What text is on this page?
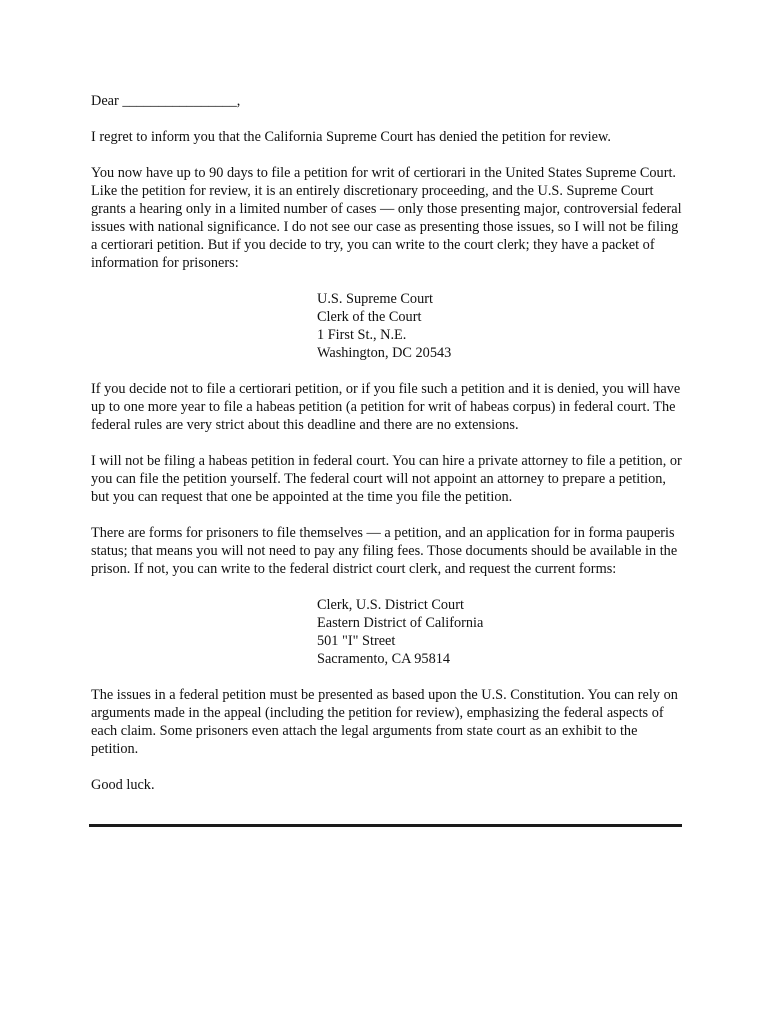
Dear ________________,

I regret to inform you that the California Supreme Court has denied the petition for review.

You now have up to 90 days to file a petition for writ of certiorari in the United States Supreme Court. Like the petition for review, it is an entirely discretionary proceeding, and the U.S. Supreme Court grants a hearing only in a limited number of cases — only those presenting major, controversial federal issues with national significance. I do not see our case as presenting those issues, so I will not be filing a certiorari petition. But if you decide to try, you can write to the court clerk; they have a packet of information for prisoners:

U.S. Supreme Court
Clerk of the Court
1 First St., N.E.
Washington, DC 20543

If you decide not to file a certiorari petition, or if you file such a petition and it is denied, you will have up to one more year to file a habeas petition (a petition for writ of habeas corpus) in federal court. The federal rules are very strict about this deadline and there are no extensions.

I will not be filing a habeas petition in federal court. You can hire a private attorney to file a petition, or you can file the petition yourself. The federal court will not appoint an attorney to prepare a petition, but you can request that one be appointed at the time you file the petition.

There are forms for prisoners to file themselves — a petition, and an application for in forma pauperis status; that means you will not need to pay any filing fees. Those documents should be available in the prison. If not, you can write to the federal district court clerk, and request the current forms:

Clerk, U.S. District Court
Eastern District of California
501 "I" Street
Sacramento, CA 95814

The issues in a federal petition must be presented as based upon the U.S. Constitution. You can rely on arguments made in the appeal (including the petition for review), emphasizing the federal aspects of each claim. Some prisoners even attach the legal arguments from state court as an exhibit to the petition.

Good luck.
